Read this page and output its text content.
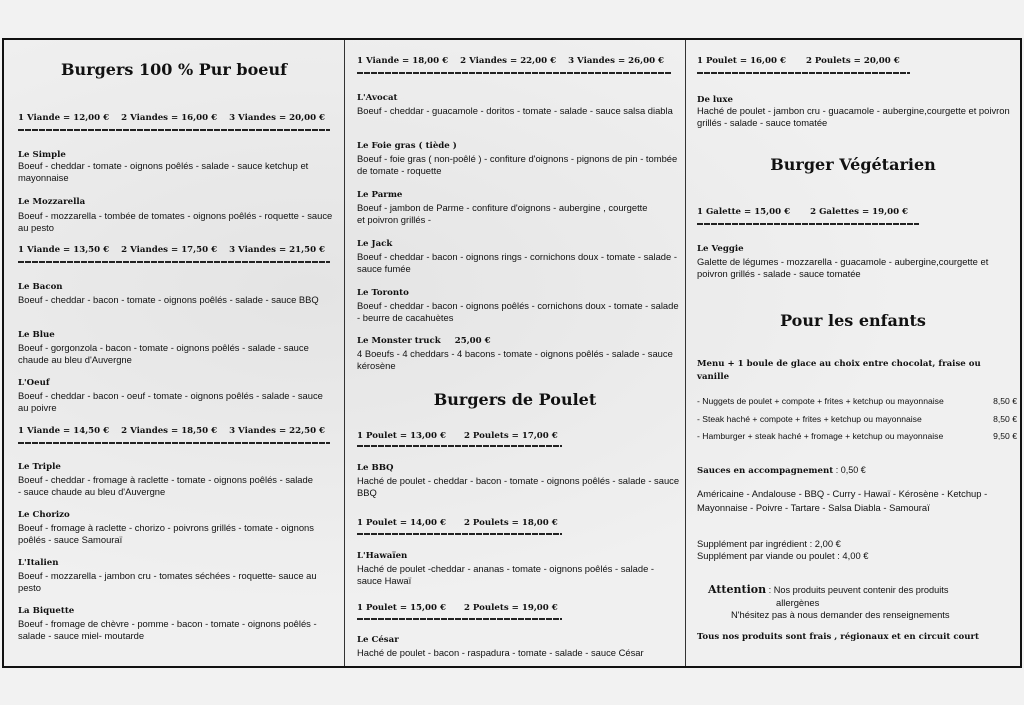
Burgers 100 % Pur boeuf
1 Viande = 12,00 € 2 Viandes = 16,00 € 3 Viandes = 20,00 €
Le Simple
Boeuf - cheddar - tomate - oignons poêlés - salade - sauce ketchup et mayonnaise
Le Mozzarella
Boeuf - mozzarella - tombée de tomates - oignons poêlés - roquette - sauce au pesto
1 Viande = 13,50 € 2 Viandes = 17,50 € 3 Viandes = 21,50 €
Le Bacon
Boeuf - cheddar - bacon - tomate - oignons poêlés - salade - sauce BBQ
Le Blue
Boeuf - gorgonzola - bacon - tomate - oignons poêlés - salade - sauce chaude au bleu d'Auvergne
L'Oeuf
Boeuf - cheddar - bacon - oeuf - tomate - oignons poêlés - salade - sauce au poivre
1 Viande = 14,50 € 2 Viandes = 18,50 € 3 Viandes = 22,50 €
Le Triple
Boeuf - cheddar - fromage à raclette - tomate - oignons poêlés - salade - sauce chaude au bleu d'Auvergne
Le Chorizo
Boeuf - fromage à raclette - chorizo - poivrons grillés - tomate - oignons poêlés - sauce Samouraï
L'Italien
Boeuf - mozzarella - jambon cru - tomates séchées - roquette- sauce au pesto
La Biquette
Boeuf - fromage de chèvre - pomme - bacon - tomate - oignons poêlés - salade - sauce miel- moutarde
1 Viande = 18,00 € 2 Viandes = 22,00 € 3 Viandes = 26,00 €
L'Avocat
Boeuf - cheddar - guacamole - doritos - tomate - salade - sauce salsa diabla
Le Foie gras ( tiède )
Boeuf - foie gras ( non-poêlé ) - confiture d'oignons - pignons de pin - tombée de tomate - roquette
Le Parme
Boeuf - jambon de Parme - confiture d'oignons - aubergine , courgette et poivron grillés -
Le Jack
Boeuf - cheddar - bacon - oignons rings - cornichons doux - tomate - salade - sauce fumée
Le Toronto
Boeuf - cheddar - bacon - oignons poêlés - cornichons doux - tomate - salade - beurre de cacahuètes
Le Monster truck 25,00 €
4 Boeufs - 4 cheddars - 4 bacons - tomate - oignons poêlés - salade - sauce kérosène
Burgers de Poulet
1 Poulet = 13,00 € 2 Poulets = 17,00 €
Le BBQ
Haché de poulet - cheddar - bacon - tomate - oignons poêlés - salade - sauce BBQ
1 Poulet = 14,00 € 2 Poulets = 18,00 €
L'Hawaïen
Haché de poulet -cheddar - ananas - tomate - oignons poêlés - salade - sauce Hawaï
1 Poulet = 15,00 € 2 Poulets = 19,00 €
Le César
Haché de poulet - bacon - raspadura - tomate - salade - sauce César
1 Poulet = 16,00 € 2 Poulets = 20,00 €
De luxe
Haché de poulet - jambon cru - guacamole - aubergine,courgette et poivron grillés - salade - sauce tomatée
Burger Végétarien
1 Galette = 15,00 € 2 Galettes = 19,00 €
Le Veggie
Galette de légumes - mozzarella - guacamole - aubergine,courgette et poivron grillés - salade - sauce tomatée
Pour les enfants
Menu + 1 boule de glace au choix entre chocolat, fraise ou vanille
- Nuggets de poulet + compote + frites + ketchup ou mayonnaise	8,50 €
- Steak haché + compote + frites + ketchup ou mayonnaise	8,50 €
- Hamburger + steak haché + fromage + ketchup ou mayonnaise	9,50 €
Sauces en accompagnement : 0,50 €
Américaine - Andalouse - BBQ - Curry - Hawaï - Kérosène - Ketchup - Mayonnaise - Poivre - Tartare - Salsa Diabla - Samouraï
Supplément par ingrédient : 2,00 €
Supplément par viande ou poulet : 4,00 €
Attention : Nos produits peuvent contenir des produits
allergènes
N'hésitez pas à nous demander des renseignements
Tous nos produits sont frais , régionaux et en circuit court
